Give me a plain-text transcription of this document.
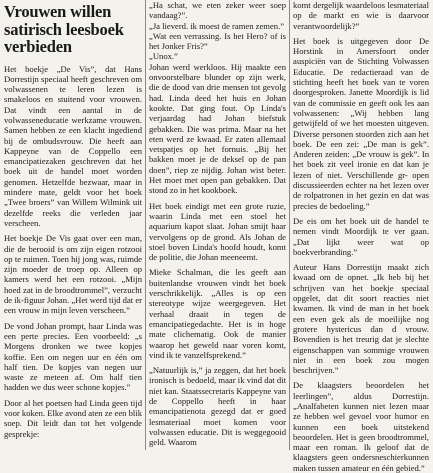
Vrouwen willen satirisch leesboek verbieden

Het boekje „De Vis”, dat Hans Dorrestijn speciaal heeft geschreven om volwassenen te leren lezen is smakeloos en stuitend voor vrouwen. Dat vindt een aantal in de volwasseneducatie werkzame vrouwen. Samen hebben ze een klacht ingediend bij de ombudsvrouw. Die heeft aan Kappeyne van de Coppello een emancipatiezaken geschreven dat het boek uit de handel moet worden genomen. Hetzelfde bezwaar, maar in mindere mate, geldt voor het boek „Twee broers” van Willem Wilmink uit dezelfde reeks die verleden jaar verscheen.

Het boekje De Vis gaat over een man, die de berooid is om zijn eigen rotzooi op te ruimen. Toen hij jong was, ruimde zijn moeder de troep op. Alleen op kamers werd het een rotzooi. „Mijn hoed zat in de broodtrommel”, verzucht de ik-figuur Johan. „Het werd tijd dat er een vrouw in mijn leven verscheen.”

De vond Johan prompt, haar Linda was een perte precies. Een voorbeeld: „s Morgens dronken we twee kopjes koffie. Een om negen uur en één om half tien. De kopjes van negen uur waste ze meteen af. Om half tien hadden we dus weer schone kopjes.”

Door al het poetsen had Linda geen tijd voor koken. Elke avond aten ze een blik soep. Dit leidt dan tot het volgende gesprekje:

„Ha schat, we eten zeker weer soep vandaag?”.

„Ja lieverd. ik moest de ramen zemen.”

„Wat een verrassing. Is het Hero? of is het Jonker Fris?”

„Unox.”

Johan werd werkloos. Hij maakte een onvoorstelbare blunder op zijn werk, die de dood van drie mensen tot gevolg had. Linda deed het huis en Johan kookte. Dat ging fout. Op Linda's verjaardag had Johan biefstuk gebakken. Die was prima. Maar na het eten werd ze kwaad. Er zaten allemaal vetspatjes op het fornuis. „Bij het bakken moet je de deksel op de pan doen”, riep ze nijdig. Johan wist beter. Het moet met open pan gebakken. Dat stond zo in het kookboek.

Het boek eindigt met een grote ruzie, waarin Linda met een stoel het aquarium kapot slaat. Johan smijt haar vervolgens op de grond. Als Johan de stoel boven Linda's hoofd houdt, komt de politie, die Johan meeneemt.

Mieke Schalman, die les geeft aan buitenlandse vrouwen vindt het boek verschrikkelijk. „Alles is op een stereotype wijze weergegeven. Het verhaal draait in tegen de emancipatiegedachte. Het is in hoge mate clichematig. Ook de manier waarop het geweld naar voren komt, vind ik te vanzelfsprekend.”

„Natuurlijk is,” ja zeggen, dat het boek ironisch is bedoeld, maar ik vind dat dit niet kan. Staatssecretaris Kappeyne van de Coppello heeft in haar emancipatienota gezegd dat er goed lesmateriaal moet komen voor volwassen educatie. Dit is weggegooid geld. Waarom

komt dergelijk waardeloos lesmateriaal op de markt en wie is daarvoor verantwoordelijk?”

Het boek is uitgegeven door De Horstink in Amersfoort onder auspiciën van de Stichting Volwassen Educatie. De redactieraad van de stichting heeft het boek van te voren doorgesproken. Janette Moordijk is lid van de commissie en geeft ook les aan volwassenen: „Wij hebben lang getwijfeld of we het moesten uitgeven. Diverse personen stoorden zich aan het boek. De een zei: „De man is gek”. Anderen zeiden: „De vrouw is gek”. In het boek zit veel ironie en dat kan je lezen of niet. Verschillende gr- open discussieerden echter na het lezen over de rolpatronen in het gezin en dat was precies de bedoeling.”

De eis om het boek uit de handel te nemen vindt Moordijk te ver gaan. „Dat lijkt weer wat op boekverbranding.”

Auteur Hans Dorrestijn maakt zich kwaad om de opnet. „Ik heb bij het schrijven van het boekje speciaal opgelet, dat dit soort reacties niet kwamen. Ik vind de man in het boek een even gek als de moeilijke nog grotere hystericus dan d vrouw. Bovendien is het treurig dat je slechte eigenschappen van sommige vrouwen niet in een boek zou mogen beschrijven.”

De klaagsters beoordelen het leerlingen”, aldus Dorrestijn. „Analfabeten kunnen niet lezen maar ze hebben wel gevoel voor humor en kunnen een boek uitstekend beoordelen. Het is geen broodtrommel, maar een roman. Ik geloof dat de klaagsters geen ondersneschierkunnen maken tussen amateur en één gebied.”
